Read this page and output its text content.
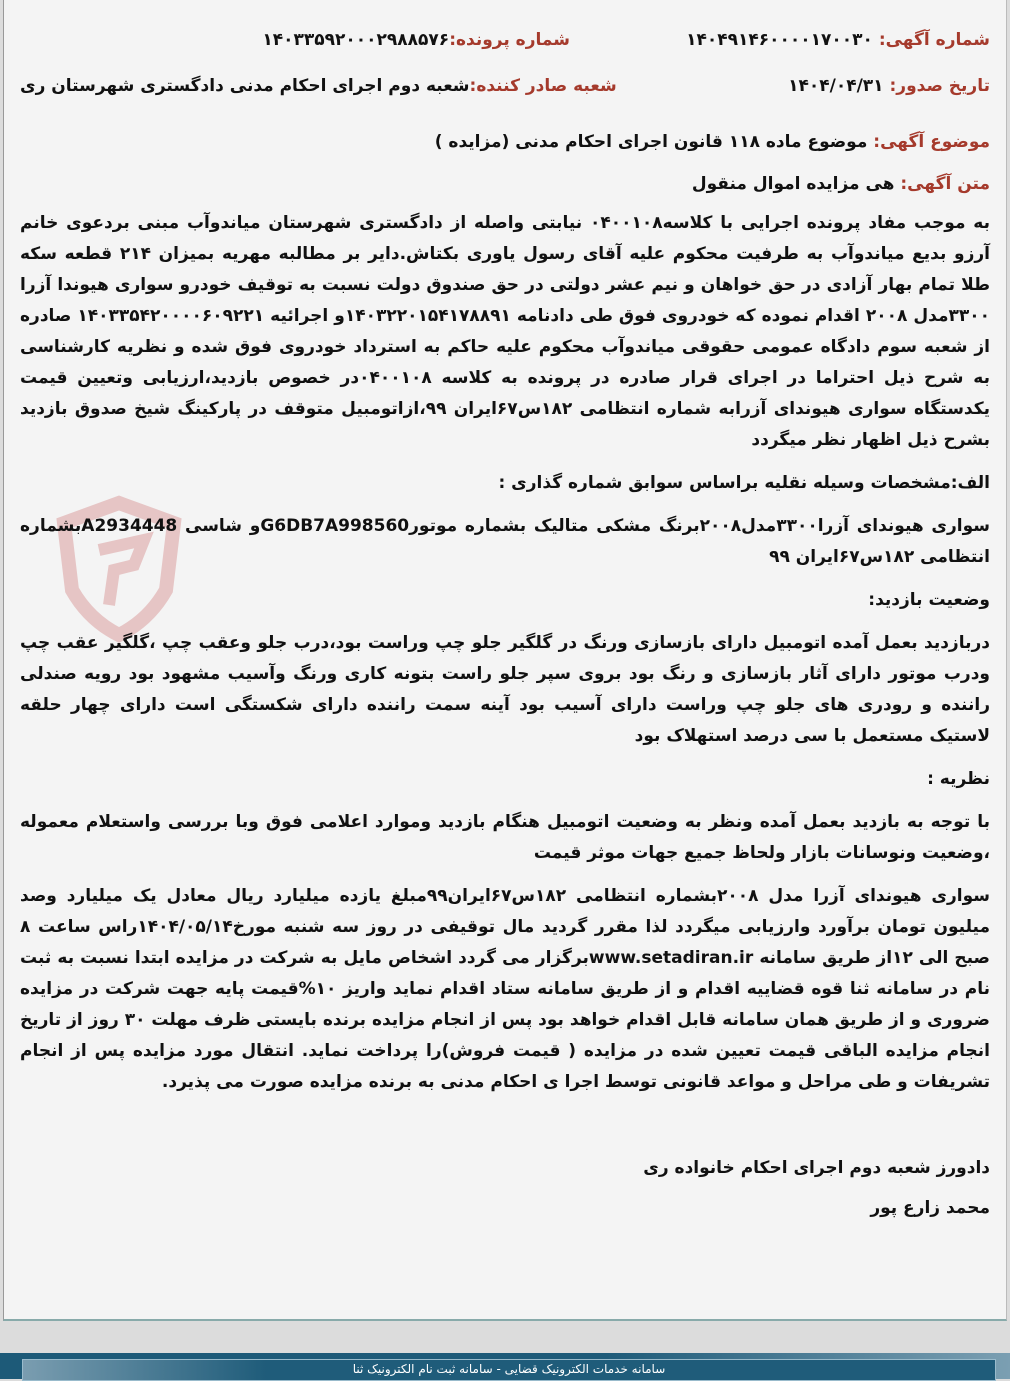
شماره آگهی: ۱۴۰۴۹۱۴۶۰۰۰۰۱۷۰۰۳۰
شماره پرونده:۱۴۰۳۳۵۹۲۰۰۰۲۹۸۸۵۷۶
تاریخ صدور: ۱۴۰۴/۰۴/۳۱
شعبه صادر کننده:شعبه دوم اجرای احکام مدنی دادگستری شهرستان ری
موضوع آگهی: موضوع ماده ۱۱۸ قانون اجرای احکام مدنی (مزایده )
متن آگهی: هی مزایده اموال منقول

به موجب مفاد پرونده اجرایی با کلاسه۰۴۰۰۱۰۸ نیابتی واصله از دادگستری شهرستان میاندوآب مبنی بردعوی خانم آرزو بدیع میاندوآب به طرفیت محکوم علیه آقای رسول یاوری بکتاش.دایر بر مطالبه مهریه بمیزان ۲۱۴ قطعه سکه طلا تمام بهار آزادی در حق خواهان و نیم عشر دولتی در حق صندوق دولت نسبت به توقیف خودرو سواری هیوندا آزرا ۳۳۰۰مدل ۲۰۰۸ اقدام نموده که خودروی فوق طی دادنامه ۱۴۰۳۲۲۰۱۵۴۱۷۸۸۹۱و اجرائیه ۱۴۰۳۳۵۴۲۰۰۰۰۶۰۹۲۲۱ صادره از شعبه سوم دادگاه عمومی حقوقی میاندوآب محکوم علیه حاکم به استرداد خودروی فوق شده و نظریه کارشناسی به شرح ذیل احتراما در اجرای قرار صادره در پرونده به کلاسه ۰۴۰۰۱۰۸در خصوص بازدید،ارزیابی وتعیین قیمت یکدستگاه سواری هیوندای آزرابه شماره انتظامی ۱۸۲س۶۷ایران ۹۹،ازاتومبیل متوقف در پارکینگ شیخ صدوق بازدید بشرح ذیل اظهار نظر میگردد

الف:مشخصات وسیله نقلیه براساس سوابق شماره گذاری :

سواری هیوندای آزرا۳۳۰۰مدل۲۰۰۸برنگ مشکی متالیک بشماره موتورG6DB7A998560و شاسی A2934448بشماره انتظامی ۱۸۲س۶۷ایران ۹۹

وضعیت بازدید:

دربازدید بعمل آمده اتومبیل دارای بازسازی ورنگ در گلگیر جلو چپ وراست بود،درب جلو وعقب چپ ،گلگیر عقب چپ ودرب موتور دارای آثار بازسازی و رنگ بود بروی سپر جلو راست بتونه کاری ورنگ وآسیب مشهود بود رویه صندلی راننده و رودری های جلو چپ وراست دارای آسیب بود آینه سمت راننده دارای شکستگی است دارای چهار حلقه لاستیک مستعمل با سی درصد استهلاک بود

نظریه :

با توجه به بازدید بعمل آمده ونظر به وضعیت اتومبیل هنگام بازدید وموارد اعلامی فوق وبا بررسی واستعلام معموله ،وضعیت ونوسانات بازار ولحاظ جمیع جهات موثر قیمت

سواری هیوندای آزرا مدل ۲۰۰۸بشماره انتظامی ۱۸۲س۶۷ایران۹۹مبلغ یازده میلیارد ریال معادل یک میلیارد وصد میلیون تومان برآورد وارزیابی میگردد لذا مقرر گردید مال توقیفی در روز سه شنبه مورخ۱۴۰۴/۰۵/۱۴راس ساعت ۸ صبح الی ۱۲از طریق سامانه www.setadiran.irبرگزار می گردد اشخاص مایل به شرکت در مزایده ابتدا نسبت به ثبت نام در سامانه ثنا قوه قضاییه اقدام و از طریق سامانه ستاد اقدام نماید واریز ۱۰%قیمت پایه جهت شرکت در مزایده ضروری و از طریق همان سامانه قابل اقدام خواهد بود پس از انجام مزایده برنده بایستی ظرف مهلت ۳۰ روز از تاریخ انجام مزایده الباقی قیمت تعیین شده در مزایده ( قیمت فروش)را پرداخت نماید. انتقال مورد مزایده پس از انجام تشریفات و طی مراحل و مواعد قانونی توسط اجرا ی احکام مدنی به برنده مزایده صورت می پذیرد.

دادورز شعبه دوم اجرای احکام خانواده ری
محمد زارع پور
سامانه خدمات الکترونیک قضایی - سامانه ثبت نام الکترونیک ثنا
